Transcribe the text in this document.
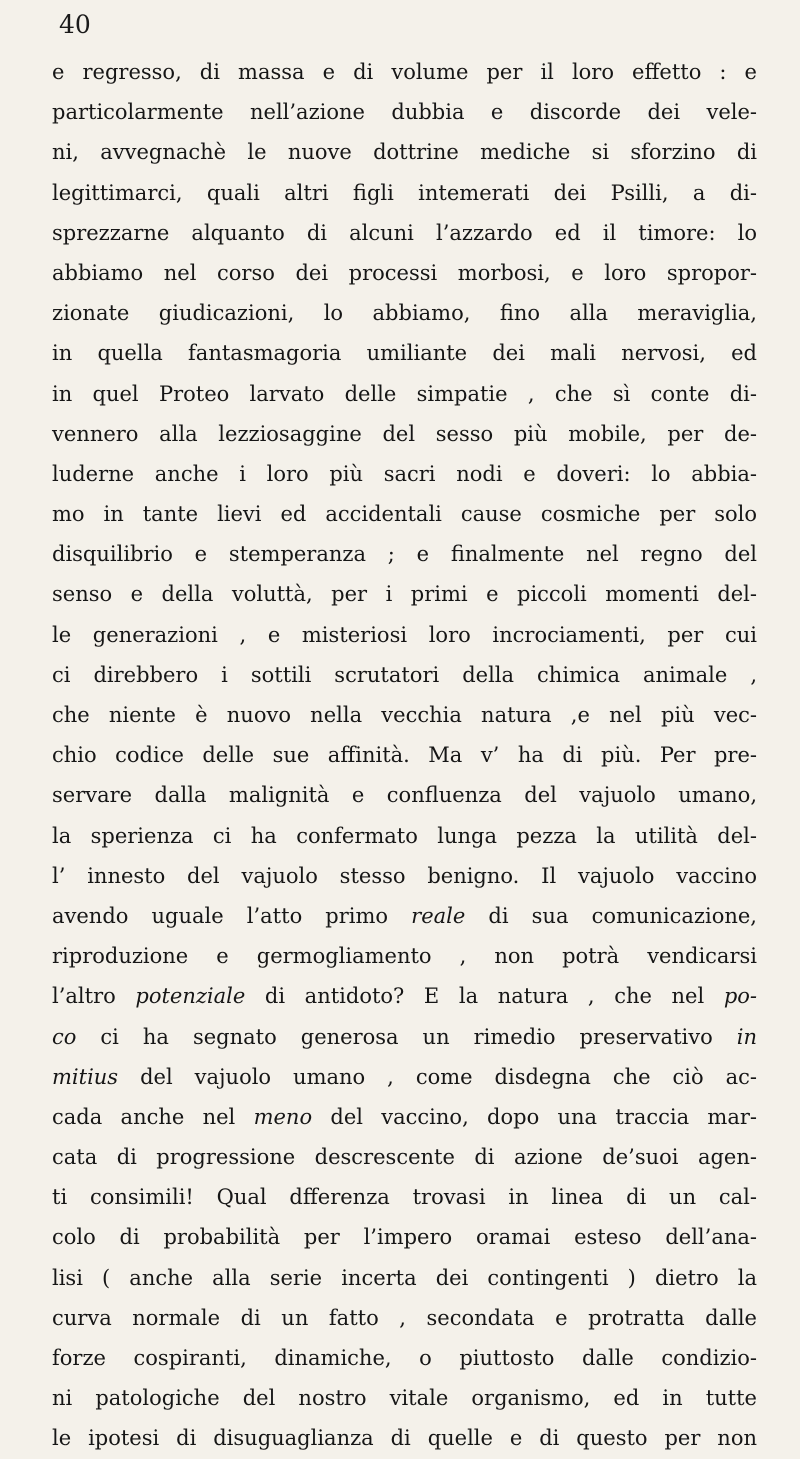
40
e regresso, di massa e di volume per il loro effetto : e
particolarmente nell’azione dubbia e discorde dei vele-
ni, avvegnachè le nuove dottrine mediche si sforzino di
legittimarci, quali altri figli intemerati dei Psilli, a di-
sprezzarne alquanto di alcuni l’azzardo ed il timore: lo
abbiamo nel corso dei processi morbosi, e loro spropor-
zionate giudicazioni, lo abbiamo, fino alla meraviglia,
in quella fantasmagoria umiliante dei mali nervosi, ed
in quel Proteo larvato delle simpatie , che sì conte di-
vennero alla lezziosaggine del sesso più mobile, per de-
luderne anche i loro più sacri nodi e doveri: lo abbia-
mo in tante lievi ed accidentali cause cosmiche per solo
disquilibrio e stemperanza ; e finalmente nel regno del
senso e della voluttà, per i primi e piccoli momenti del-
le generazioni , e misteriosi loro incrociamenti, per cui
ci direbbero i sottili scrutatori della chimica animale ,
che niente è nuovo nella vecchia natura ,e nel più vec-
chio codice delle sue affinità. Ma v’ ha di più. Per pre-
servare dalla malignità e confluenza del vajuolo umano,
la sperienza ci ha confermato lunga pezza la utilità del-
l’ innesto del vajuolo stesso benigno. Il vajuolo vaccino
avendo uguale l’atto primo reale di sua comunicazione,
riproduzione e germogliamento , non potrà vendicarsi
l’altro potenziale di antidoto? E la natura , che nel po-
co ci ha segnato generosa un rimedio preservativo in
mitius del vajuolo umano , come disdegna che ciò ac-
cada anche nel meno del vaccino, dopo una traccia mar-
cata di progressione descrescente di azione de’suoi agen-
ti consimili! Qual dfferenza trovasi in linea di un cal-
colo di probabilità per l’impero oramai esteso dell’ana-
lisi ( anche alla serie incerta dei contingenti ) dietro la
curva normale di un fatto , secondata e protratta dalle
forze cospiranti, dinamiche, o piuttosto dalle condizio-
ni patologiche del nostro vitale organismo, ed in tutte
le ipotesi di disuguaglianza di quelle e di questo per non
